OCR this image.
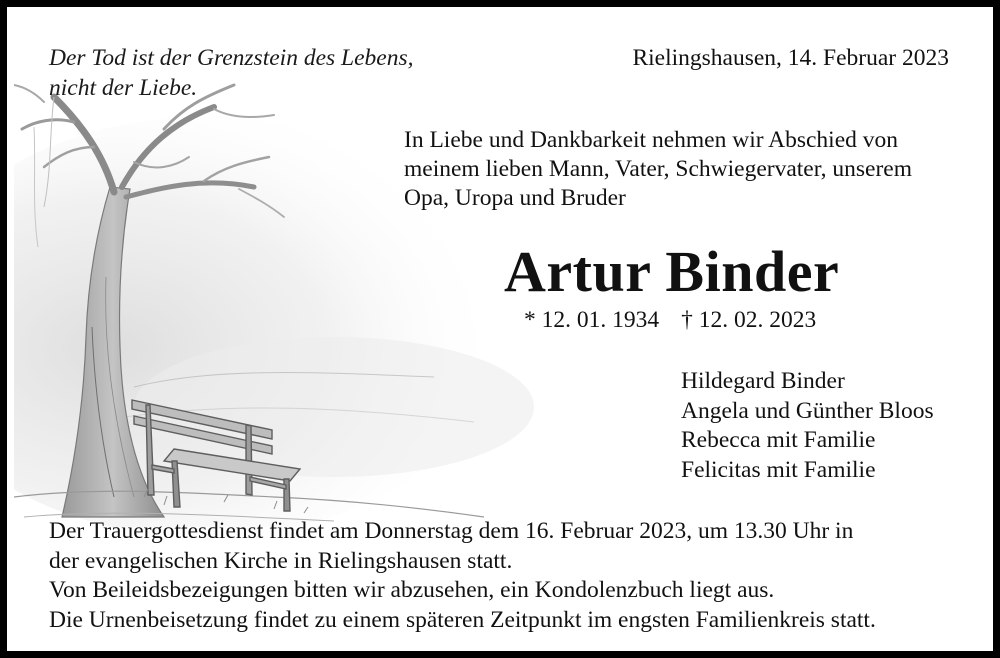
Der Tod ist der Grenzstein des Lebens,
nicht der Liebe.
Rielingshausen, 14. Februar 2023
In Liebe und Dankbarkeit nehmen wir Abschied von
meinem lieben Mann, Vater, Schwiegervater, unserem
Opa, Uropa und Bruder
Artur Binder
* 12. 01. 1934 † 12. 02. 2023
Hildegard Binder
Angela und Günther Bloos
Rebecca mit Familie
Felicitas mit Familie
Der Trauergottesdienst findet am Donnerstag dem 16. Februar 2023, um 13.30 Uhr in
der evangelischen Kirche in Rielingshausen statt.
Von Beileidsbezeigungen bitten wir abzusehen, ein Kondolenzbuch liegt aus.
Die Urnenbeisetzung findet zu einem späteren Zeitpunkt im engsten Familienkreis statt.
